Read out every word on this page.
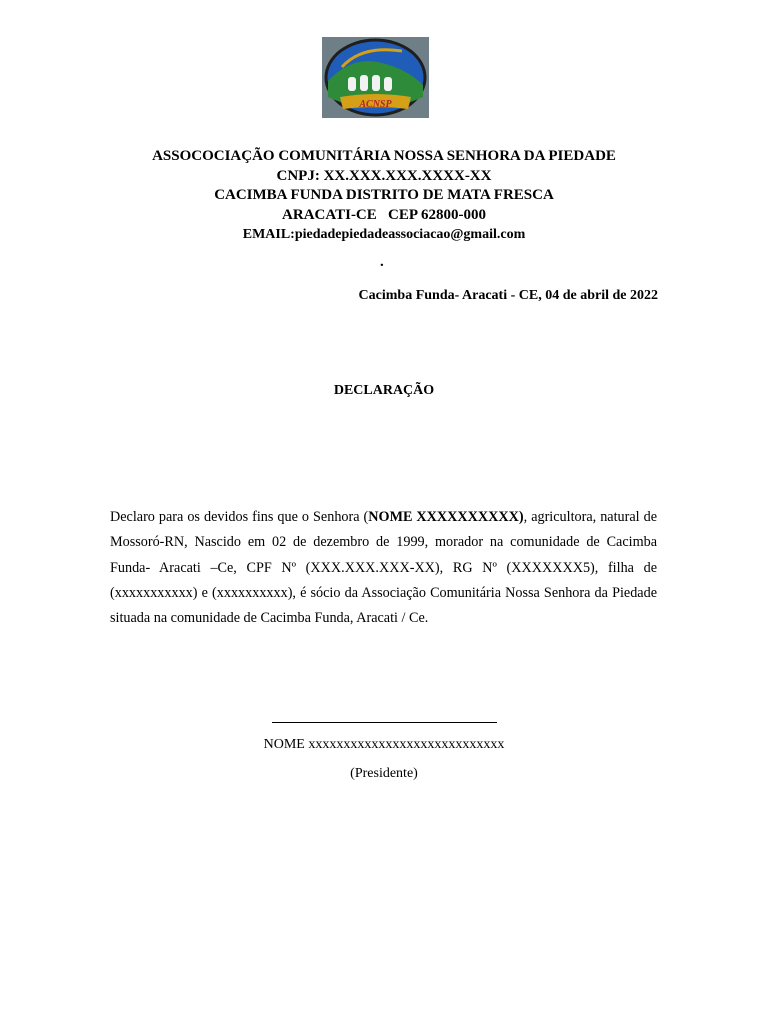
ACNSP
ASSOCOCIAÇÃO COMUNITÁRIA NOSSA SENHORA DA PIEDADE
CNPJ: XX.XXX.XXX.XXXX-XX
CACIMBA FUNDA DISTRITO DE MATA FRESCA
ARACATI-CE CEP 62800-000
EMAIL:piedadepiedadeassociacao@gmail.com
.
Cacimba Funda- Aracati - CE, 04 de abril de 2022
DECLARAÇÃO

Declaro para os devidos fins que o Senhora (NOME XXXXXXXXXX), agricultora, natural de Mossoró-RN, Nascido em 02 de dezembro de 1999, morador na comunidade de Cacimba Funda- Aracati –Ce, CPF Nº (XXX.XXX.XXX-XX), RG Nº (XXXXXXX5), filha de (xxxxxxxxxxx) e (xxxxxxxxxx), é sócio da Associação Comunitária Nossa Senhora da Piedade situada na comunidade de Cacimba Funda, Aracati / Ce.

NOME xxxxxxxxxxxxxxxxxxxxxxxxxxxx
(Presidente)
